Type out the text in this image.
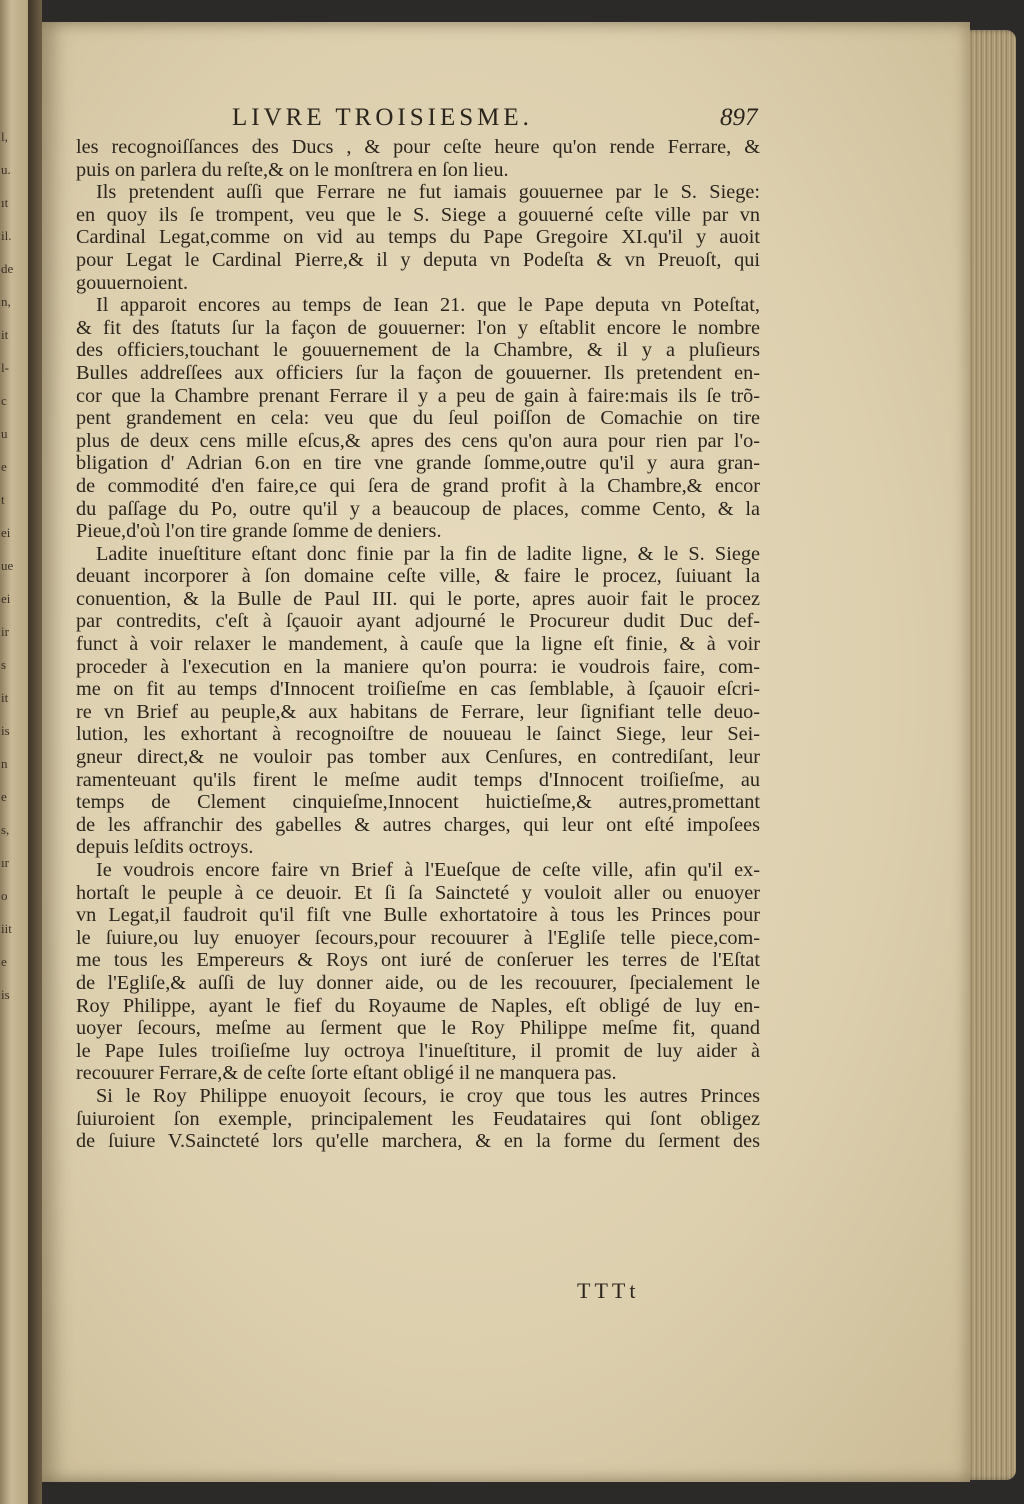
l,
u.
ıt
il.
de
n,
it
l-
c
u
e
t
ei
ue
ei
ir
s
it
is
n
e
s,
ır
o
iit
e
is
LIVRE TROISIESME.	897
les recognoiſſances des Ducs , & pour ceſte heure qu'on rende Ferrare, &
puis on parlera du reſte,& on le monſtrera en ſon lieu.
Ils pretendent auſſi que Ferrare ne fut iamais gouuernee par le S. Siege:
en quoy ils ſe trompent, veu que le S. Siege a gouuerné ceſte ville par vn
Cardinal Legat,comme on vid au temps du Pape Gregoire XI.qu'il y auoit
pour Legat le Cardinal Pierre,& il y deputa vn Podeſta & vn Preuoſt, qui
gouuernoient.
Il apparoit encores au temps de Iean 21. que le Pape deputa vn Poteſtat,
& fit des ſtatuts ſur la façon de gouuerner: l'on y eſtablit encore le nombre
des officiers,touchant le gouuernement de la Chambre, & il y a pluſieurs
Bulles addreſſees aux officiers ſur la façon de gouuerner. Ils pretendent en-
cor que la Chambre prenant Ferrare il y a peu de gain à faire:mais ils ſe trõ-
pent grandement en cela: veu que du ſeul poiſſon de Comachie on tire
plus de deux cens mille eſcus,& apres des cens qu'on aura pour rien par l'o-
bligation d' Adrian 6.on en tire vne grande ſomme,outre qu'il y aura gran-
de commodité d'en faire,ce qui ſera de grand profit à la Chambre,& encor
du paſſage du Po, outre qu'il y a beaucoup de places, comme Cento, & la
Pieue,d'où l'on tire grande ſomme de deniers.
Ladite inueſtiture eſtant donc finie par la fin de ladite ligne, & le S. Siege
deuant incorporer à ſon domaine ceſte ville, & faire le procez, ſuiuant la
conuention, & la Bulle de Paul III. qui le porte, apres auoir fait le procez
par contredits, c'eſt à ſçauoir ayant adjourné le Procureur dudit Duc def-
funct à voir relaxer le mandement, à cauſe que la ligne eſt finie, & à voir
proceder à l'execution en la maniere qu'on pourra: ie voudrois faire, com-
me on fit au temps d'Innocent troiſieſme en cas ſemblable, à ſçauoir eſcri-
re vn Brief au peuple,& aux habitans de Ferrare, leur ſignifiant telle deuo-
lution, les exhortant à recognoiſtre de nouueau le ſainct Siege, leur Sei-
gneur direct,& ne vouloir pas tomber aux Cenſures, en contrediſant, leur
ramenteuant qu'ils firent le meſme audit temps d'Innocent troiſieſme, au
temps de Clement cinquieſme,Innocent huictieſme,& autres,promettant
de les affranchir des gabelles & autres charges, qui leur ont eſté impoſees
depuis leſdits octroys.
Ie voudrois encore faire vn Brief à l'Eueſque de ceſte ville, afin qu'il ex-
hortaſt le peuple à ce deuoir. Et ſi ſa Saincteté y vouloit aller ou enuoyer
vn Legat,il faudroit qu'il fiſt vne Bulle exhortatoire à tous les Princes pour
le ſuiure,ou luy enuoyer ſecours,pour recouurer à l'Egliſe telle piece,com-
me tous les Empereurs & Roys ont iuré de conſeruer les terres de l'Eſtat
de l'Egliſe,& auſſi de luy donner aide, ou de les recouurer, ſpecialement le
Roy Philippe, ayant le fief du Royaume de Naples, eſt obligé de luy en-
uoyer ſecours, meſme au ſerment que le Roy Philippe meſme fit, quand
le Pape Iules troiſieſme luy octroya l'inueſtiture, il promit de luy aider à
recouurer Ferrare,& de ceſte ſorte eſtant obligé il ne manquera pas.
Si le Roy Philippe enuoyoit ſecours, ie croy que tous les autres Princes
ſuiuroient ſon exemple, principalement les Feudataires qui ſont obligez
de ſuiure V.Saincteté lors qu'elle marchera, & en la forme du ſerment des
TTTt
